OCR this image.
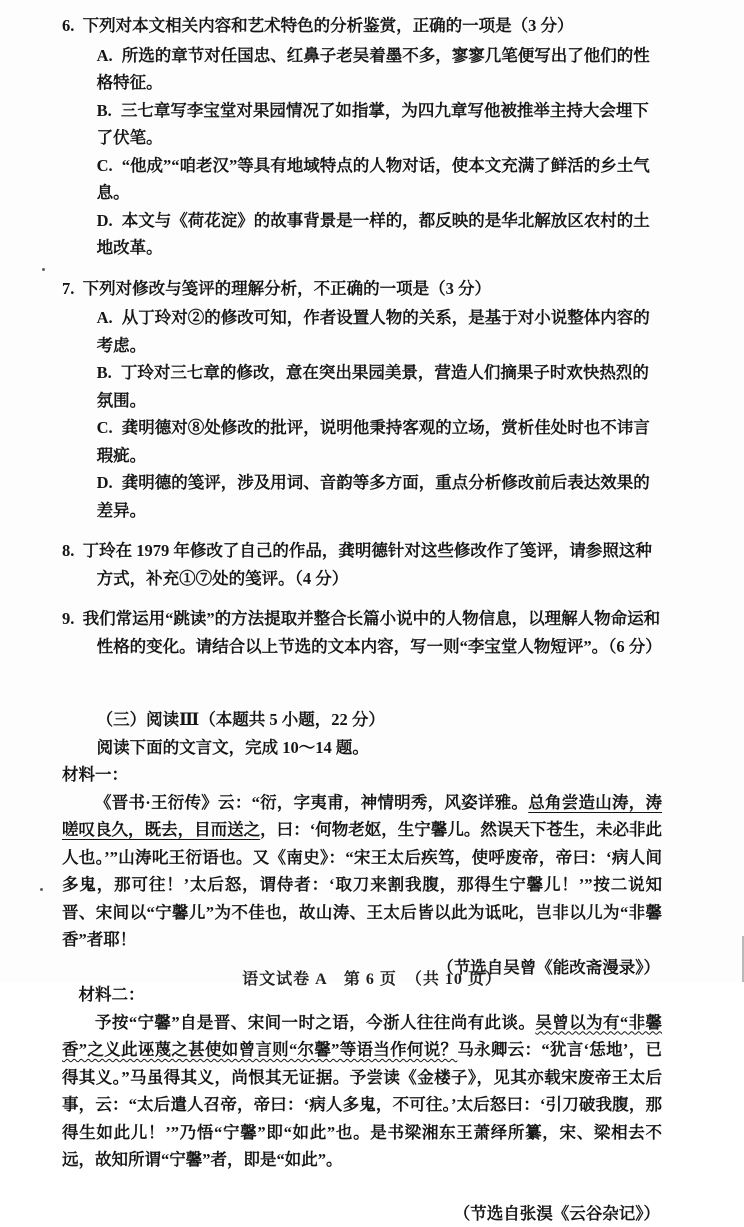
6. 下列对本文相关内容和艺术特色的分析鉴赏，正确的一项是（3 分）
A. 所选的章节对任国忠、红鼻子老吴着墨不多，寥寥几笔便写出了他们的性格特征。
B. 三七章写李宝堂对果园情况了如指掌，为四九章写他被推举主持大会埋下了伏笔。
C. “他成”“咱老汉”等具有地域特点的人物对话，使本文充满了鲜活的乡土气息。
D. 本文与《荷花淀》的故事背景是一样的，都反映的是华北解放区农村的土地改革。
7. 下列对修改与笺评的理解分析，不正确的一项是（3 分）
A. 从丁玲对②的修改可知，作者设置人物的关系，是基于对小说整体内容的考虑。
B. 丁玲对三七章的修改，意在突出果园美景，营造人们摘果子时欢快热烈的氛围。
C. 龚明德对⑧处修改的批评，说明他秉持客观的立场，赏析佳处时也不讳言瑕疵。
D. 龚明德的笺评，涉及用词、音韵等多方面，重点分析修改前后表达效果的差异。
8. 丁玲在 1979 年修改了自己的作品，龚明德针对这些修改作了笺评，请参照这种方式，补充①⑦处的笺评。（4 分）
9. 我们常运用“跳读”的方法提取并整合长篇小说中的人物信息，以理解人物命运和性格的变化。请结合以上节选的文本内容，写一则“李宝堂人物短评”。（6 分）
（三）阅读Ⅲ（本题共 5 小题，22 分）
阅读下面的文言文，完成 10～14 题。
材料一：
《晋书·王衍传》云：“衍，字夷甫，神情明秀，风姿详雅。总角尝造山涛，涛嗟叹良久，既去，目而送之，曰：‘何物老妪，生宁馨儿。然误天下苍生，未必非此人也。’”山涛叱王衍语也。又《南史》：“宋王太后疾笃，使呼废帝，帝曰：‘病人间多鬼，那可往！’太后怒，谓侍者：‘取刀来割我腹，那得生宁馨儿！’”按二说知晋、宋间以“宁馨儿”为不佳也，故山涛、王太后皆以此为诋叱，岂非以儿为“非馨香”者耶！
（节选自吴曾《能改斋漫录》）
材料二：
予按“宁馨”自是晋、宋间一时之语，今浙人往往尚有此谈。吴曾以为有“非馨香”之义此诬蔑之甚使如曾言则“尔馨”等语当作何说？马永卿云：“犹言‘恁地’，已得其义。”马虽得其义，尚恨其无证据。予尝读《金楼子》，见其亦载宋废帝王太后事，云：“太后遣人召帝，帝曰：‘病人多鬼，不可往。’太后怒曰：‘引刀破我腹，那得生如此儿！’”乃悟“宁馨”即“如此”也。是书梁湘东王萧绎所纂，宋、梁相去不远，故知所谓“宁馨”者，即是“如此”。
（节选自张淏《云谷杂记》）
语文试卷 A　第 6 页　（共 10 页）
